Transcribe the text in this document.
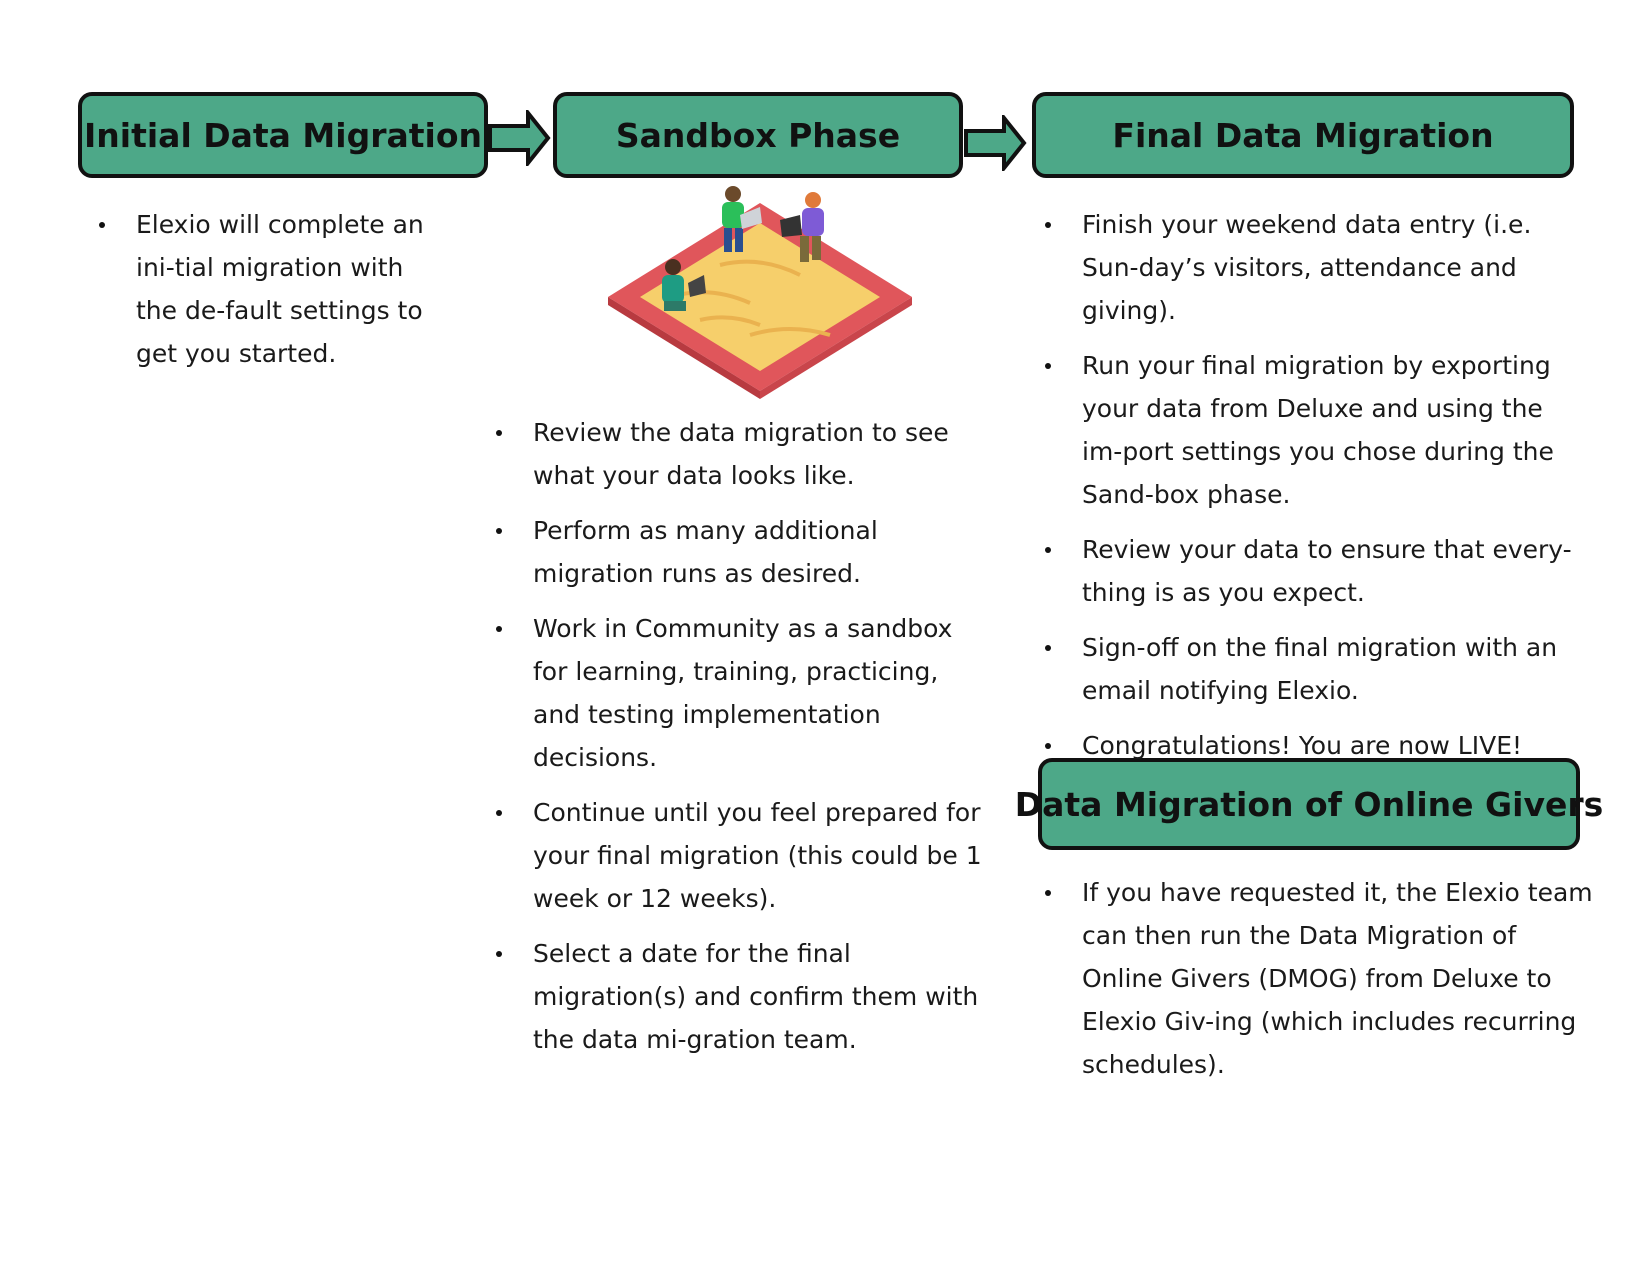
Initial Data Migration	Sandbox Phase	Final Data Migration
Data Migration of Online Givers
Elexio will complete an ini-tial migration with the de-fault settings to get you started.
Review the data migration to see what your data looks like.
Perform as many additional migration runs as desired.
Work in Community as a sandbox for learning, training, practicing, and testing implementation decisions.
Continue until you feel prepared for your final migration (this could be 1 week or 12 weeks).
Select a date for the final migration(s) and confirm them with the data mi-gration team.
Finish your weekend data entry (i.e. Sun-day’s visitors, attendance and giving).
Run your final migration by exporting your data from Deluxe and using the im-port settings you chose during the Sand-box phase.
Review your data to ensure that every-thing is as you expect.
Sign-off on the final migration with an email notifying Elexio.
Congratulations! You are now LIVE!
If you have requested it, the Elexio team can then run the Data Migration of Online Givers (DMOG) from Deluxe to Elexio Giv-ing (which includes recurring schedules).
